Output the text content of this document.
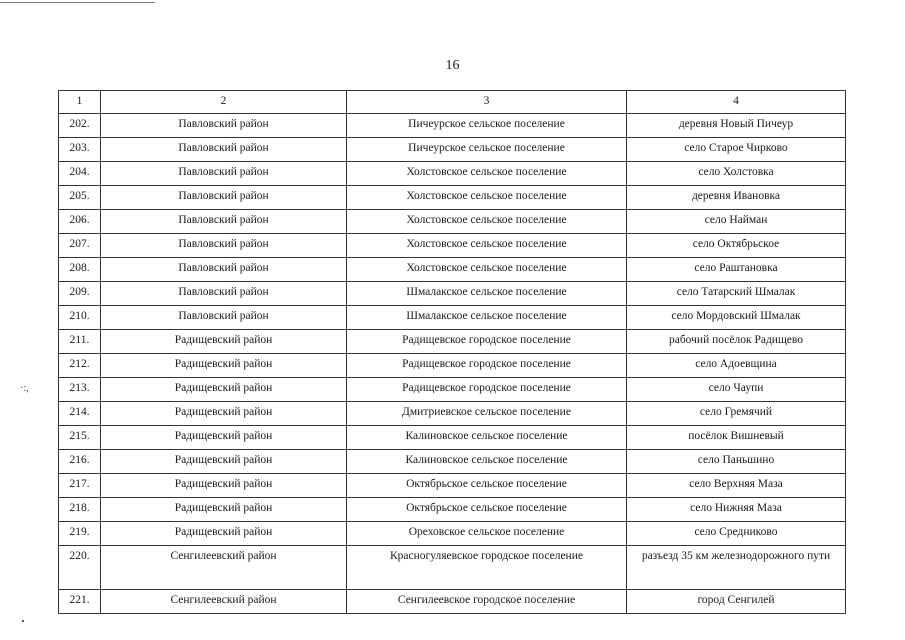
16
·:,
1	2	3	4
202.	Павловский район	Пичеурское сельское поселение	деревня Новый Пичеур
203.	Павловский район	Пичеурское сельское поселение	село Старое Чирково
204.	Павловский район	Холстовское сельское поселение	село Холстовка
205.	Павловский район	Холстовское сельское поселение	деревня Ивановка
206.	Павловский район	Холстовское сельское поселение	село Найман
207.	Павловский район	Холстовское сельское поселение	село Октябрьское
208.	Павловский район	Холстовское сельское поселение	село Раштановка
209.	Павловский район	Шмалакское сельское поселение	село Татарский Шмалак
210.	Павловский район	Шмалакское сельское поселение	село Мордовский Шмалак
211.	Радищевский район	Радищевское городское поселение	рабочий посёлок Радищево
212.	Радищевский район	Радищевское городское поселение	село Адоевщина
213.	Радищевский район	Радищевское городское поселение	село Чаупи
214.	Радищевский район	Дмитриевское сельское поселение	село Гремячий
215.	Радищевский район	Калиновское сельское поселение	посёлок Вишневый
216.	Радищевский район	Калиновское сельское поселение	село Паньшино
217.	Радищевский район	Октябрьское сельское поселение	село Верхняя Маза
218.	Радищевский район	Октябрьское сельское поселение	село Нижняя Маза
219.	Радищевский район	Ореховское сельское поселение	село Средниково
220.	Сенгилеевский район	Красногуляевское городское поселение	разъезд 35 км железнодорожного пути
221.	Сенгилеевский район	Сенгилеевское городское поселение	город Сенгилей
